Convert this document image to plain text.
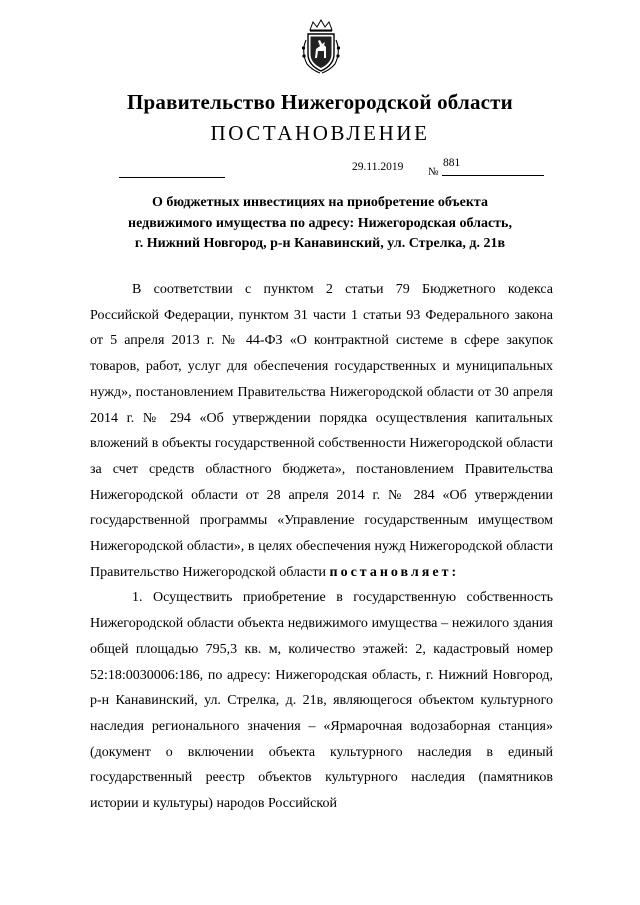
Правительство Нижегородской области
ПОСТАНОВЛЕНИЕ
29.11.2019 №
881
О бюджетных инвестициях на приобретение объекта
недвижимого имущества по адресу: Нижегородская область,
г. Нижний Новгород, р-н Канавинский, ул. Стрелка, д. 21в

В соответствии с пунктом 2 статьи 79 Бюджетного кодекса Российской Федерации, пунктом 31 части 1 статьи 93 Федерального закона от 5 апреля 2013 г. № 44-ФЗ «О контрактной системе в сфере закупок товаров, работ, услуг для обеспечения государственных и муниципальных нужд», постановлением Правительства Нижегородской области от 30 апреля 2014 г. № 294 «Об утверждении порядка осуществления капитальных вложений в объекты государственной собственности Нижегородской области за счет средств областного бюджета», постановлением Правительства Нижегородской области от 28 апреля 2014 г. № 284 «Об утверждении государственной программы «Управление государственным имуществом Нижегородской области», в целях обеспечения нужд Нижегородской области Правительство Нижегородской области постановляет:

1. Осуществить приобретение в государственную собственность Нижегородской области объекта недвижимого имущества – нежилого здания общей площадью 795,3 кв. м, количество этажей: 2, кадастровый номер 52:18:0030006:186, по адресу: Нижегородская область, г. Нижний Новгород, р-н Канавинский, ул. Стрелка, д. 21в, являющегося объектом культурного наследия регионального значения – «Ярмарочная водозаборная станция» (документ о включении объекта культурного наследия в единый государственный реестр объектов культурного наследия (памятников истории и культуры) народов Российской
